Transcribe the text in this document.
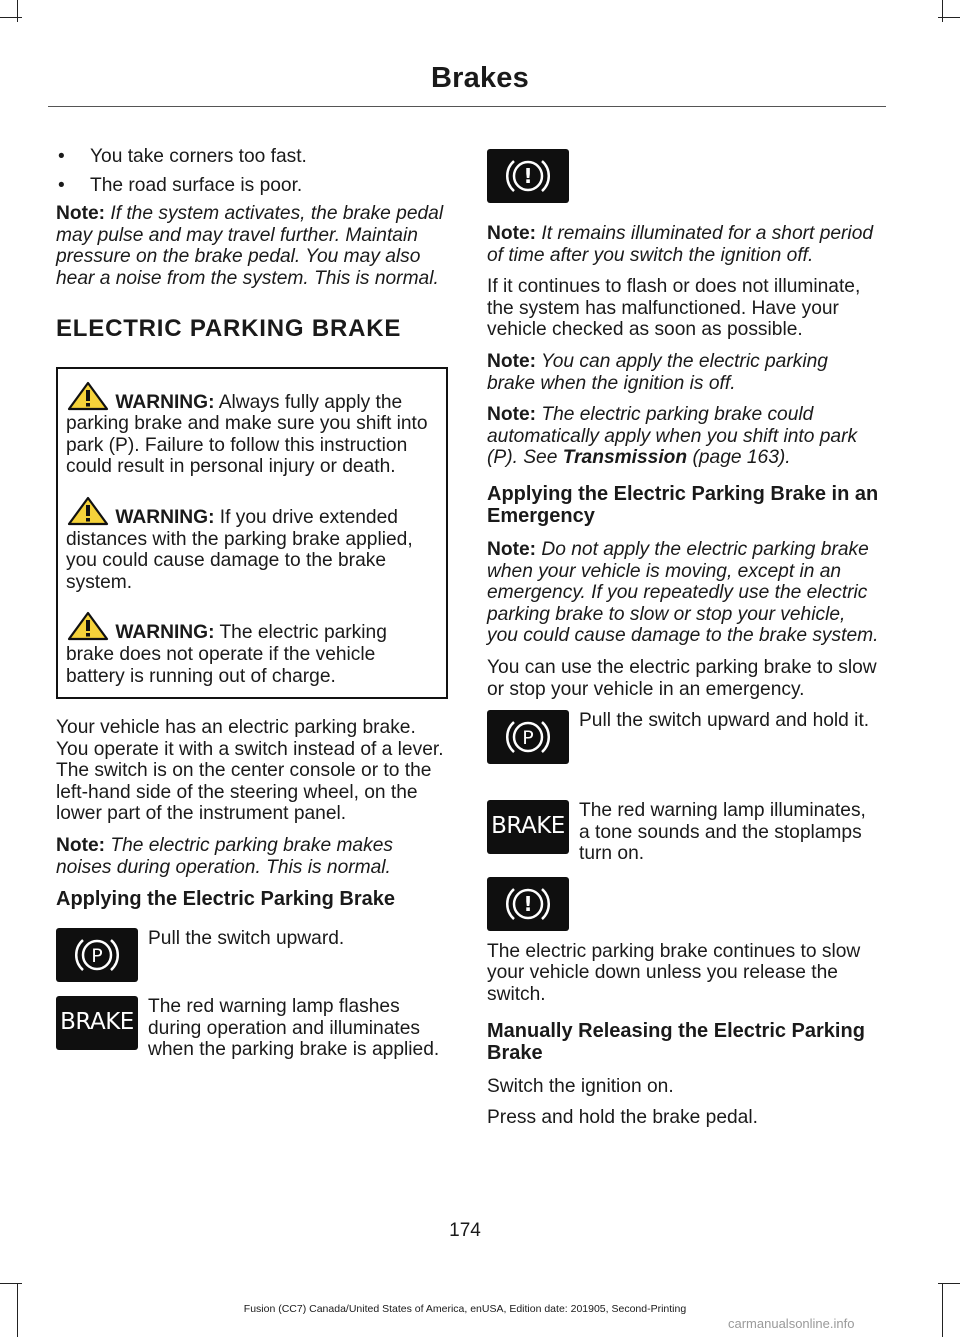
Brakes
• You take corners too fast.
• The road surface is poor.

Note: If the system activates, the brake pedal may pulse and may travel further. Maintain pressure on the brake pedal. You may also hear a noise from the system. This is normal.

ELECTRIC PARKING BRAKE

WARNING: Always fully apply the parking brake and make sure you shift into park (P). Failure to follow this instruction could result in personal injury or death.

WARNING: If you drive extended distances with the parking brake applied, you could cause damage to the brake system.

WARNING: The electric parking brake does not operate if the vehicle battery is running out of charge.

Your vehicle has an electric parking brake. You operate it with a switch instead of a lever. The switch is on the center console or to the left-hand side of the steering wheel, on the lower part of the instrument panel.

Note: The electric parking brake makes noises during operation. This is normal.

Applying the Electric Parking Brake
P
Pull the switch upward.
BRAKE
The red warning lamp flashes during operation and illuminates when the parking brake is applied.
!

Note: It remains illuminated for a short period of time after you switch the ignition off.

If it continues to flash or does not illuminate, the system has malfunctioned. Have your vehicle checked as soon as possible.

Note: You can apply the electric parking brake when the ignition is off.

Note: The electric parking brake could automatically apply when you shift into park (P). See Transmission (page 163).

Applying the Electric Parking Brake in an Emergency

Note: Do not apply the electric parking brake when your vehicle is moving, except in an emergency. If you repeatedly use the electric parking brake to slow or stop your vehicle, you could cause damage to the brake system.

You can use the electric parking brake to slow or stop your vehicle in an emergency.

P
Pull the switch upward and hold it.
BRAKE
The red warning lamp illuminates, a tone sounds and the stoplamps turn on.
!

The electric parking brake continues to slow your vehicle down unless you release the switch.

Manually Releasing the Electric Parking Brake

Switch the ignition on.

Press and hold the brake pedal.

174
Fusion (CC7) Canada/United States of America, enUSA, Edition date: 201905, Second-Printing
carmanualsonline.info
